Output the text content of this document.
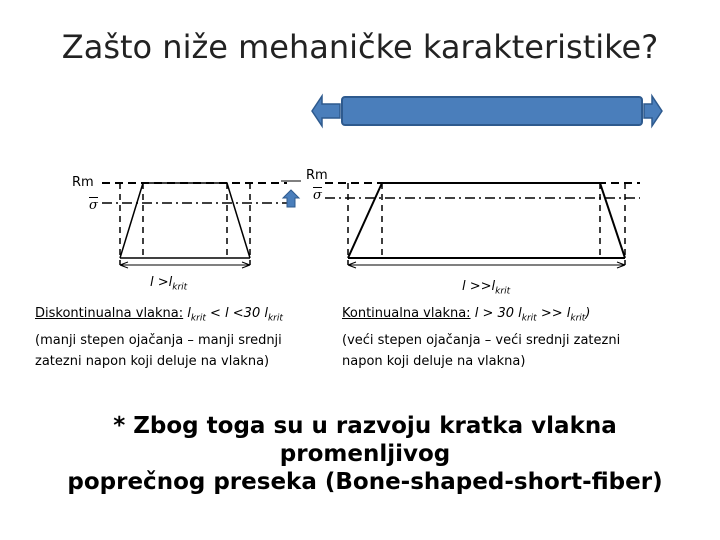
Zašto niže mehaničke karakteristike?
Rm
σ
$l >l_{krit}$
Rm
σ
$l >>l_{krit}$
Diskontinualna vlakna: $l_{krit} < l <30$ $l_{krit}$
(manji stepen ojačanja – manji srednji
zatezni napon koji deluje na vlakna)
Kontinualna vlakna: l > 30 $l_{krit} >> l_{krit}$)
(veći stepen ojačanja – veći srednji zatezni
napon koji deluje na vlakna)
* Zbog toga su u razvoju kratka vlakna promenljivog
poprečnog preseka (Bone-shaped-short-fiber)
